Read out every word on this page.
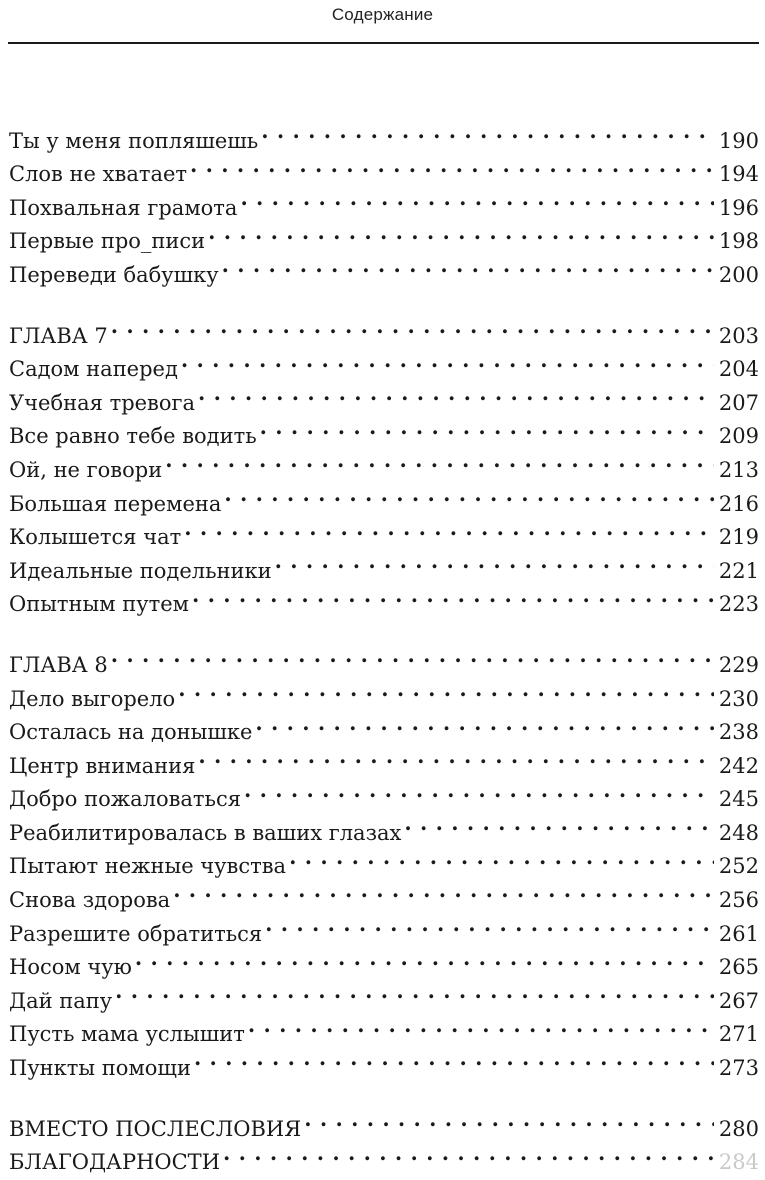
Содержание
Ты у меня попляшешь . . .	190
Слов не хватает . . .	194
Похвальная грамота . . .	196
Первые про_писи . . .	198
Переведи бабушку . . .	200
ГЛАВА 7 . . .	203
Садом наперед . . .	204
Учебная тревога . . .	207
Все равно тебе водить . . .	209
Ой, не говори . . .	213
Большая перемена . . .	216
Колышется чат . . .	219
Идеальные подельники . . .	221
Опытным путем . . .	223
ГЛАВА 8 . . .	229
Дело выгорело . . .	230
Осталась на донышке . . .	238
Центр внимания . . .	242
Добро пожаловаться . . .	245
Реабилитировалась в ваших глазах . . .	248
Пытают нежные чувства . . .	252
Снова здорова . . .	256
Разрешите обратиться . . .	261
Носом чую . . .	265
Дай папу . . .	267
Пусть мама услышит . . .	271
Пункты помощи . . .	273
ВМЕСТО ПОСЛЕСЛОВИЯ . . .	280
БЛАГОДАРНОСТИ . . .	284
